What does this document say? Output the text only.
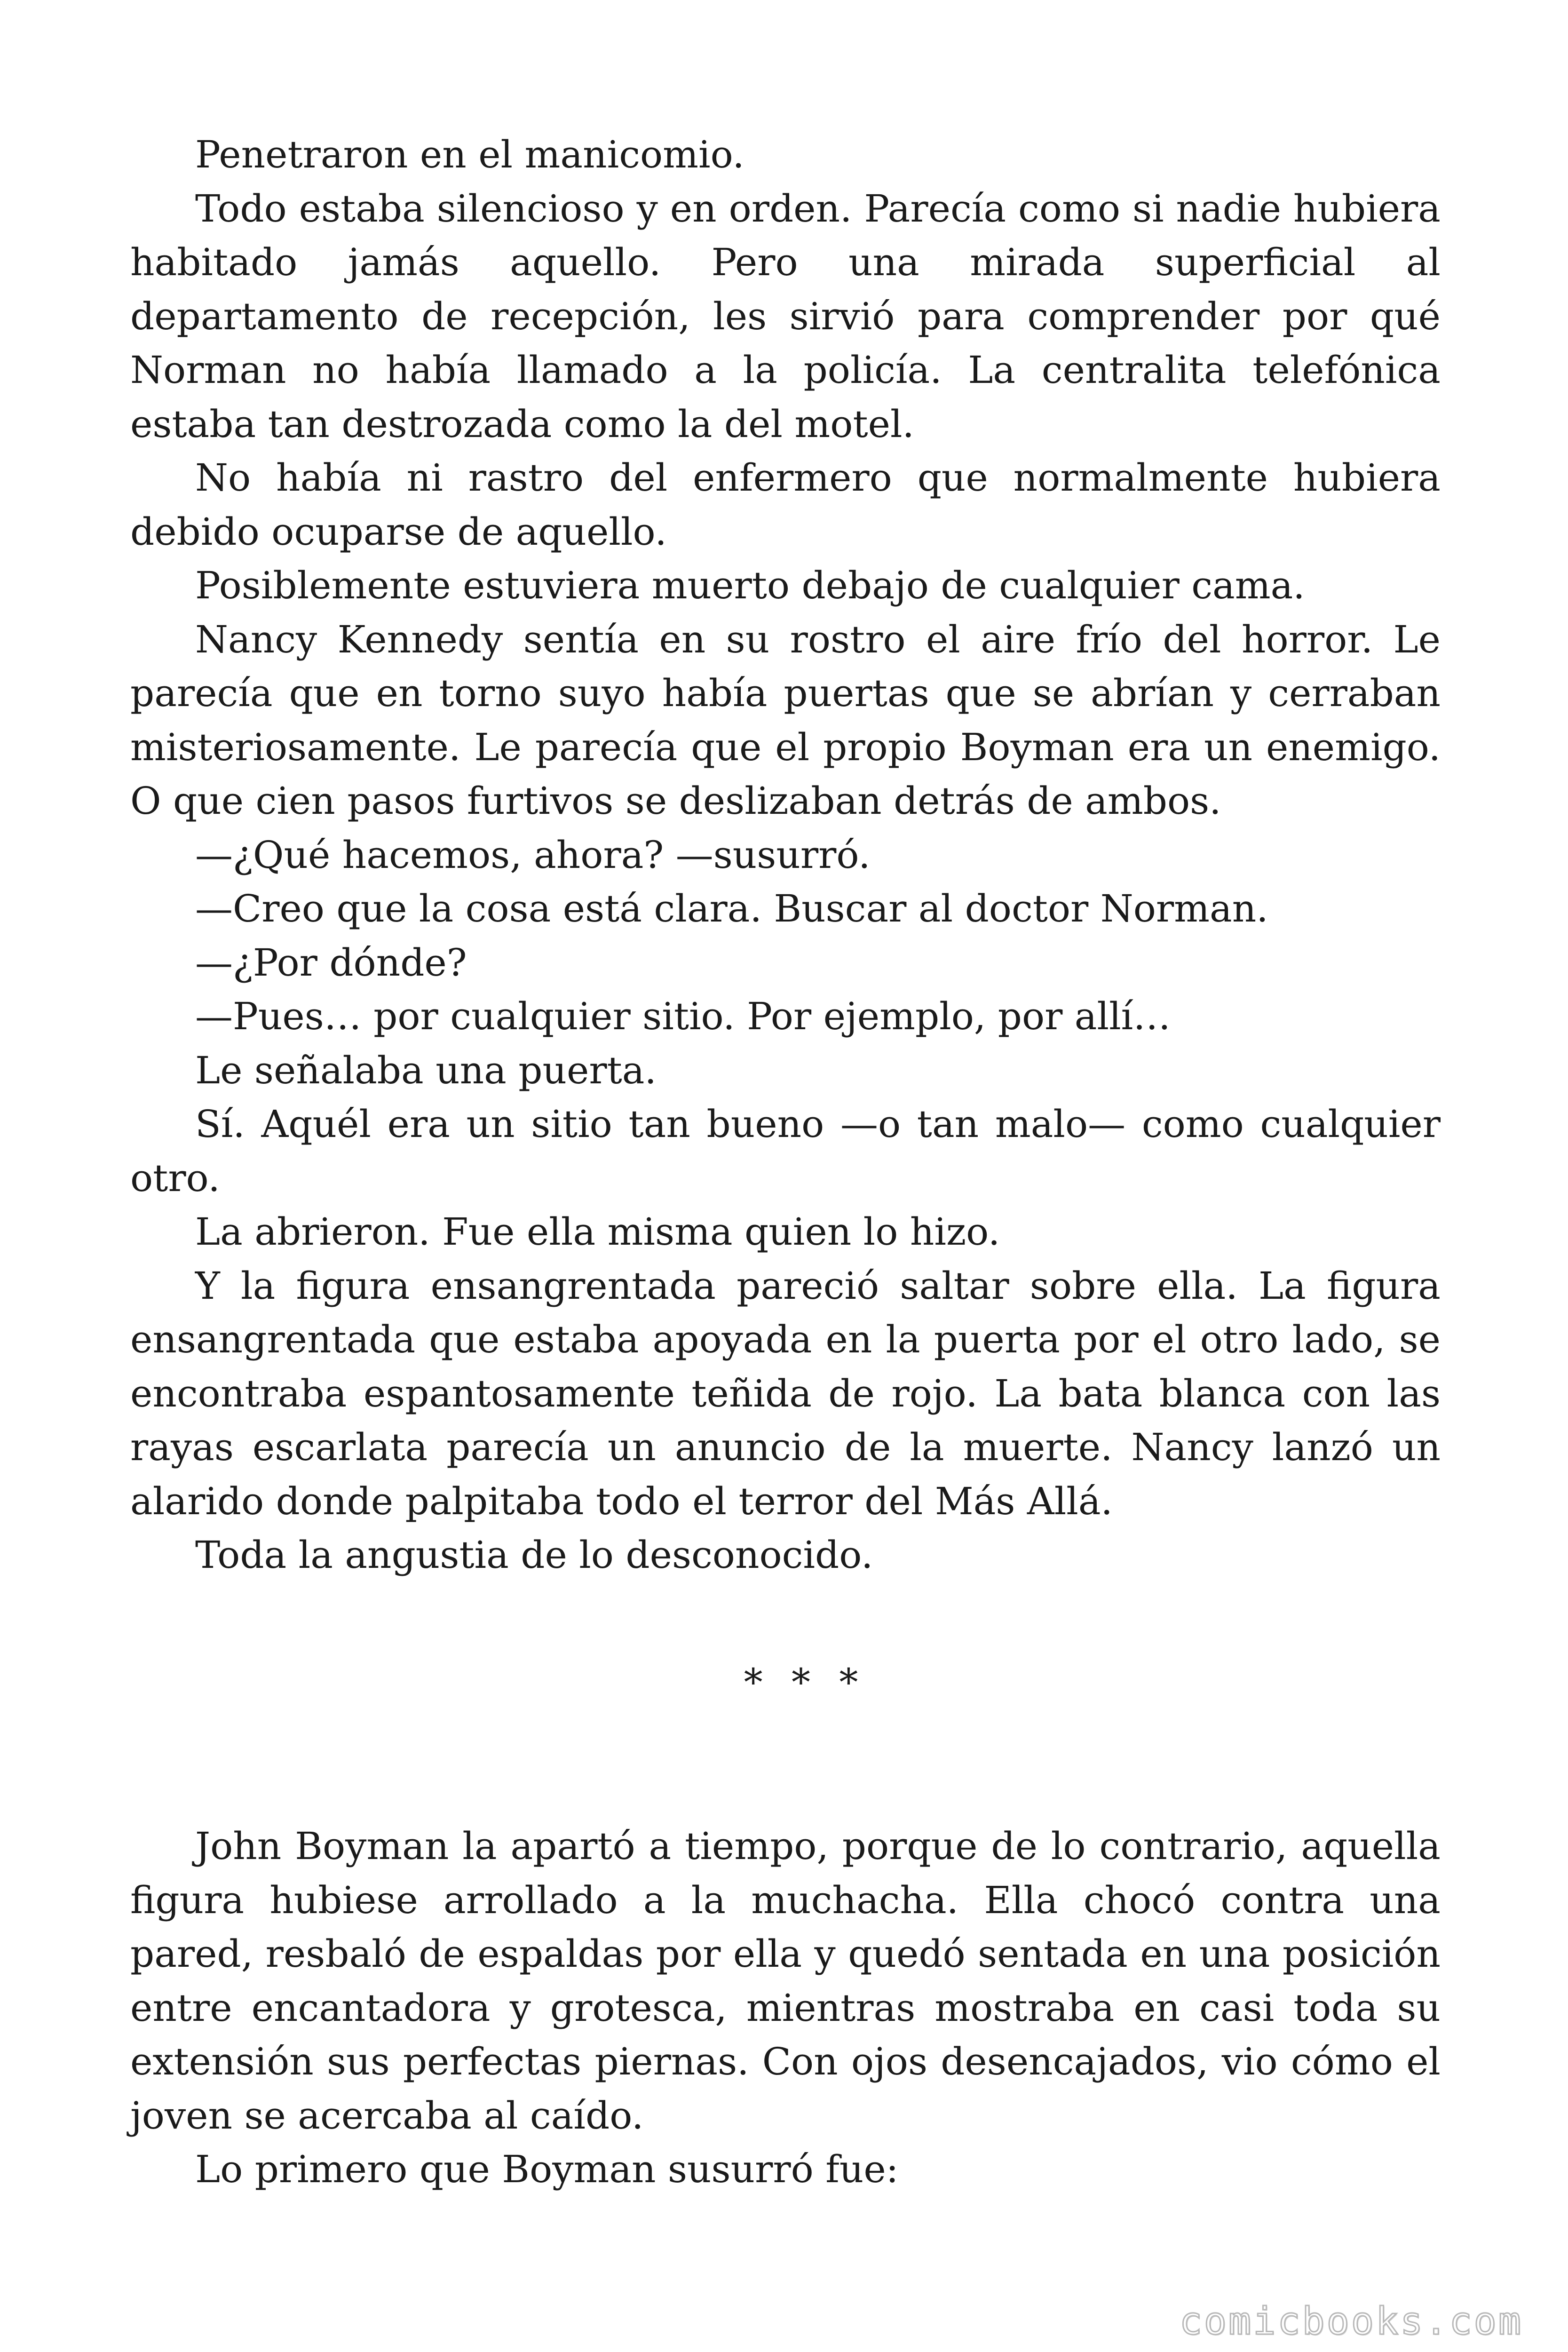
Penetraron en el manicomio.

Todo estaba silencioso y en orden. Parecía como si nadie hubiera habitado jamás aquello. Pero una mirada superficial al departamento de recepción, les sirvió para comprender por qué Norman no había llamado a la policía. La centralita telefónica estaba tan destrozada como la del motel.

No había ni rastro del enfermero que normalmente hubiera debido ocuparse de aquello.

Posiblemente estuviera muerto debajo de cualquier cama.

Nancy Kennedy sentía en su rostro el aire frío del horror. Le parecía que en torno suyo había puertas que se abrían y cerraban misteriosamente. Le parecía que el propio Boyman era un enemigo. O que cien pasos furtivos se deslizaban detrás de ambos.

—¿Qué hacemos, ahora? —susurró.

—Creo que la cosa está clara. Buscar al doctor Norman.

—¿Por dónde?

—Pues… por cualquier sitio. Por ejemplo, por allí…

Le señalaba una puerta.

Sí. Aquél era un sitio tan bueno —o tan malo— como cualquier otro.

La abrieron. Fue ella misma quien lo hizo.

Y la figura ensangrentada pareció saltar sobre ella. La figura ensangrentada que estaba apoyada en la puerta por el otro lado, se encontraba espantosamente teñida de rojo. La bata blanca con las rayas escarlata parecía un anuncio de la muerte. Nancy lanzó un alarido donde palpitaba todo el terror del Más Allá.

Toda la angustia de lo desconocido.

* * *

John Boyman la apartó a tiempo, porque de lo contrario, aquella figura hubiese arrollado a la muchacha. Ella chocó contra una pared, resbaló de espaldas por ella y quedó sentada en una posición entre encantadora y grotesca, mientras mostraba en casi toda su extensión sus perfectas piernas. Con ojos desencajados, vio cómo el joven se acercaba al caído.

Lo primero que Boyman susurró fue:

comicbooks.com
